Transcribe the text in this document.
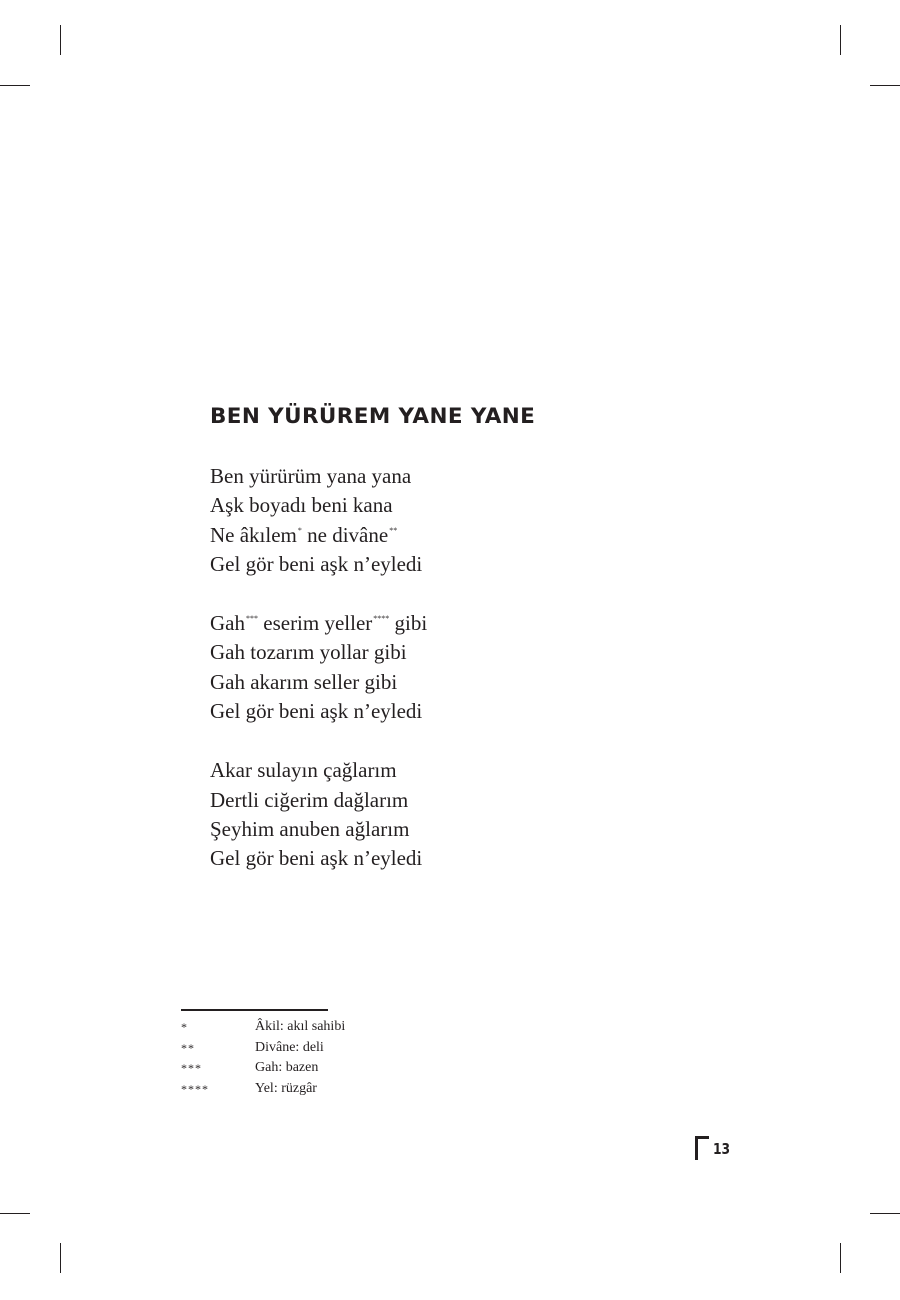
BEN YÜRÜREM YANE YANE
Ben yürürüm yana yana
Aşk boyadı beni kana
Ne âkılem* ne divâne**
Gel gör beni aşk n’eyledi
Gah*** eserim yeller**** gibi
Gah tozarım yollar gibi
Gah akarım seller gibi
Gel gör beni aşk n’eyledi
Akar sulayın çağlarım
Dertli ciğerim dağlarım
Şeyhim anuben ağlarım
Gel gör beni aşk n’eyledi
*	Âkil: akıl sahibi
**	Divâne: deli
***	Gah: bazen
****	Yel: rüzgâr
13
